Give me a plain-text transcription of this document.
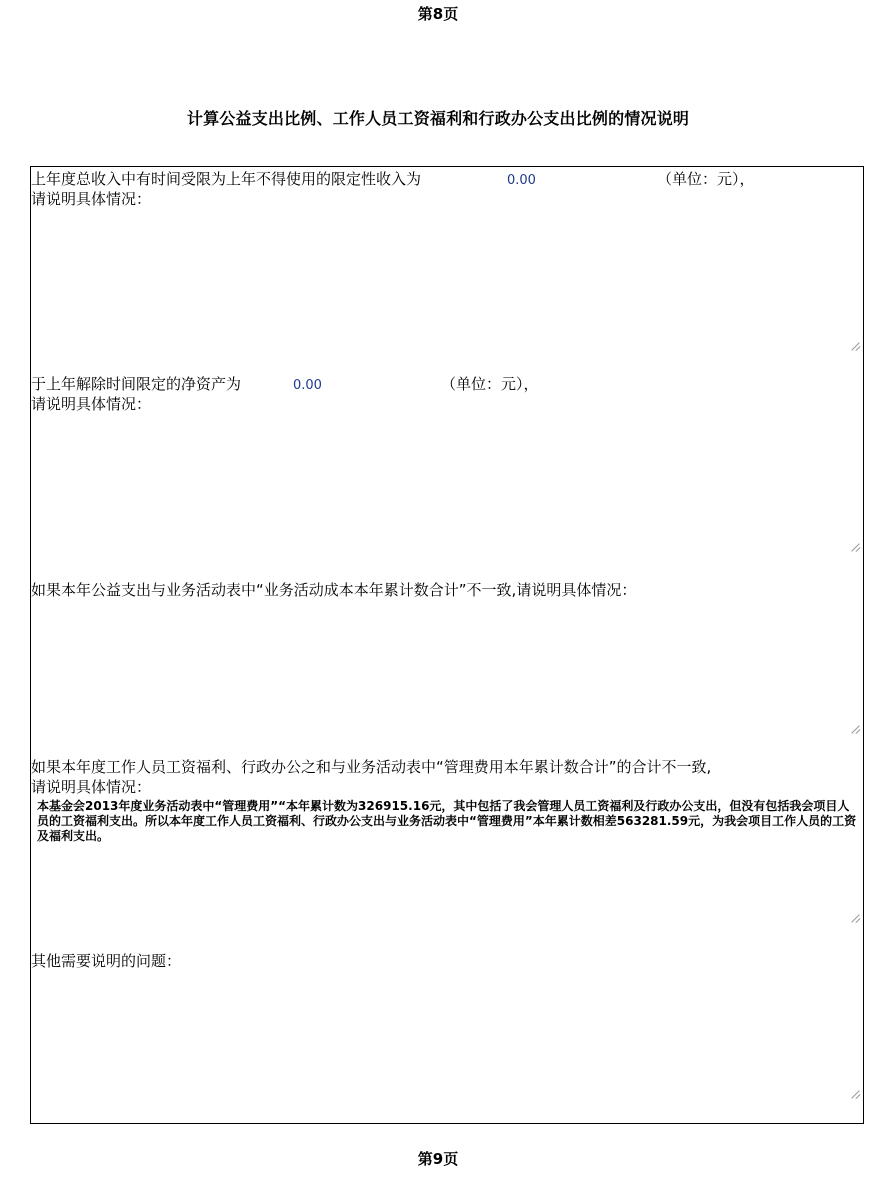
第8页
计算公益支出比例、工作人员工资福利和行政办公支出比例的情况说明
上年度总收入中有时间受限为上年不得使用的限定性收入为	0.00	（单位：元），
请说明具体情况：
于上年解除时间限定的净资产为	0.00	（单位：元），
请说明具体情况：
如果本年公益支出与业务活动表中“业务活动成本本年累计数合计”不一致,请说明具体情况：
如果本年度工作人员工资福利、行政办公之和与业务活动表中“管理费用本年累计数合计”的合计不一致,
请说明具体情况：
本基金会2013年度业务活动表中“管理费用”“本年累计数为326915.16元，其中包括了我会管理人员工资福利及行政办公支出，但没有包括我会项目人员的工资福利支出。所以本年度工作人员工资福利、行政办公支出与业务活动表中“管理费用”本年累计数相差563281.59元，为我会项目工作人员的工资及福利支出。
其他需要说明的问题：
第9页
